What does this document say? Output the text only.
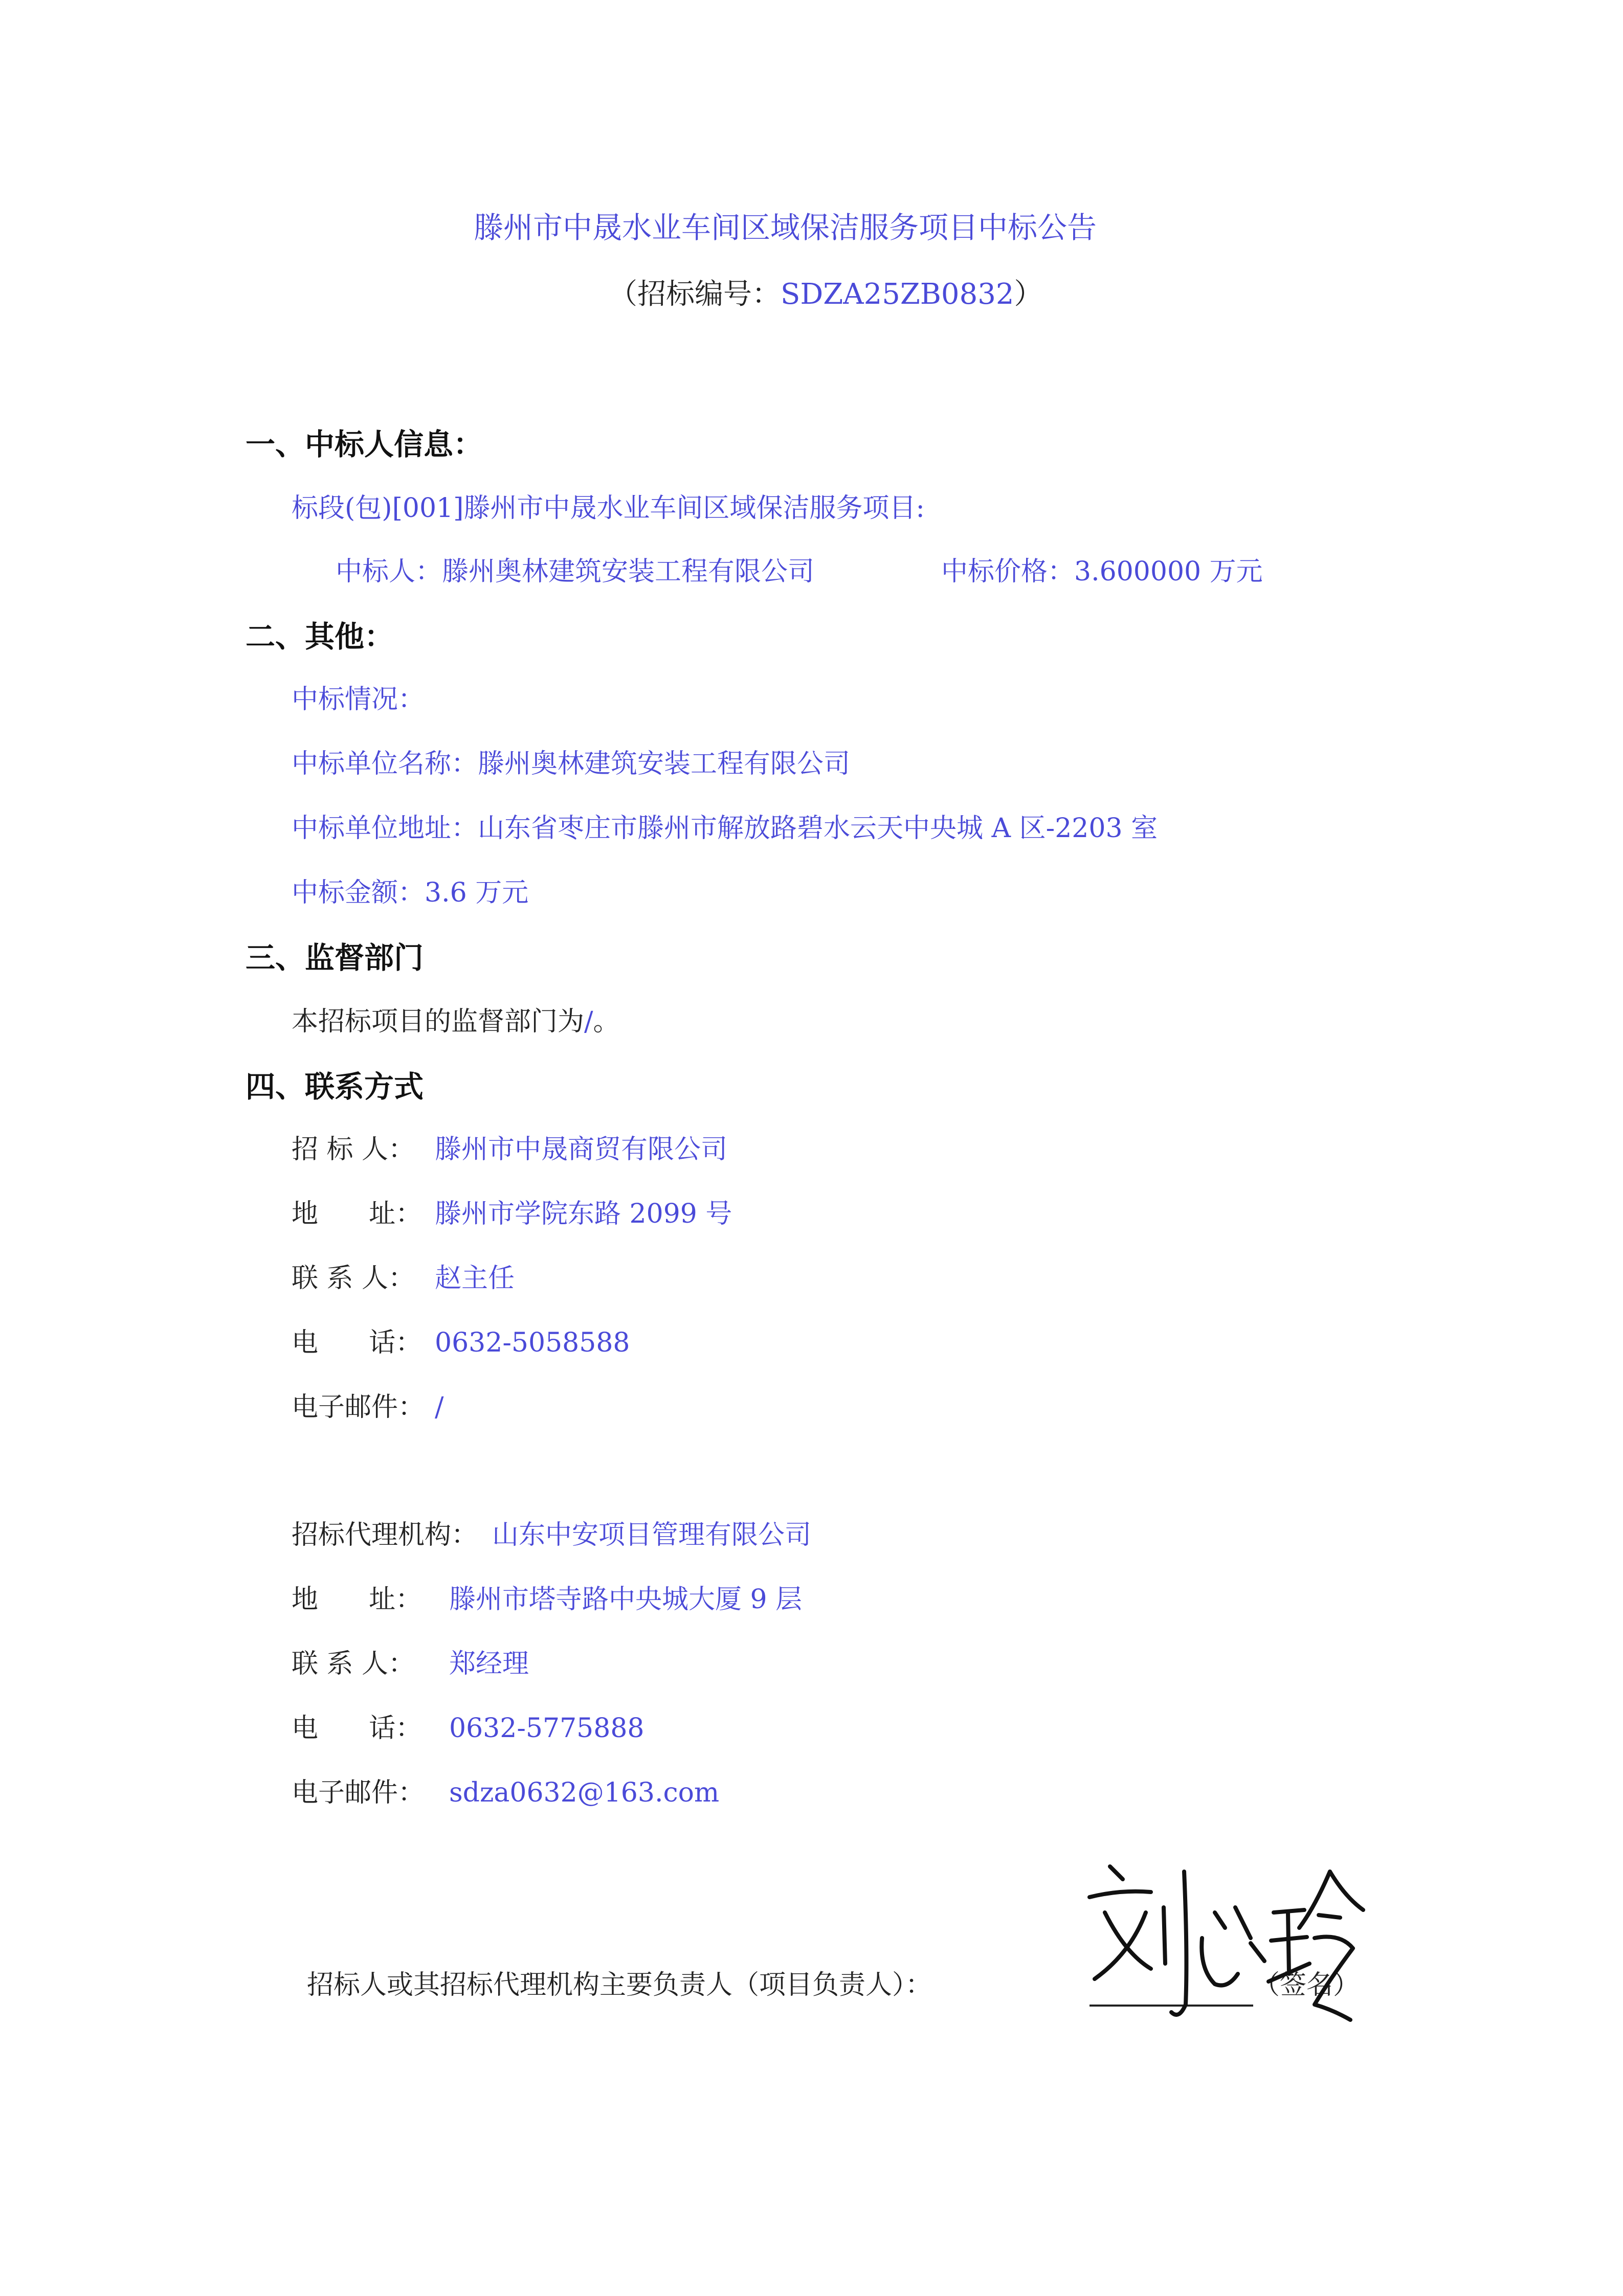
滕州市中晟水业车间区域保洁服务项目中标公告
（招标编号：SDZA25ZB0832）
一、中标人信息：
标段(包)[001]滕州市中晟水业车间区域保洁服务项目:
中标人：滕州奥林建筑安装工程有限公司	中标价格：3.600000 万元
二、其他：
中标情况：
中标单位名称：滕州奥林建筑安装工程有限公司
中标单位地址：山东省枣庄市滕州市解放路碧水云天中央城 A 区-2203 室
中标金额：3.6 万元
三、监督部门
本招标项目的监督部门为/。
四、联系方式
招 标 人： 滕州市中晟商贸有限公司
地      址： 滕州市学院东路 2099 号
联 系 人： 赵主任
电      话： 0632-5058588
电子邮件： /
招标代理机构： 山东中安项目管理有限公司
地      址： 滕州市塔寺路中央城大厦 9 层
联 系 人： 郑经理
电      话： 0632-5775888
电子邮件： sdza0632@163.com
招标人或其招标代理机构主要负责人（项目负责人）：	（签名）
